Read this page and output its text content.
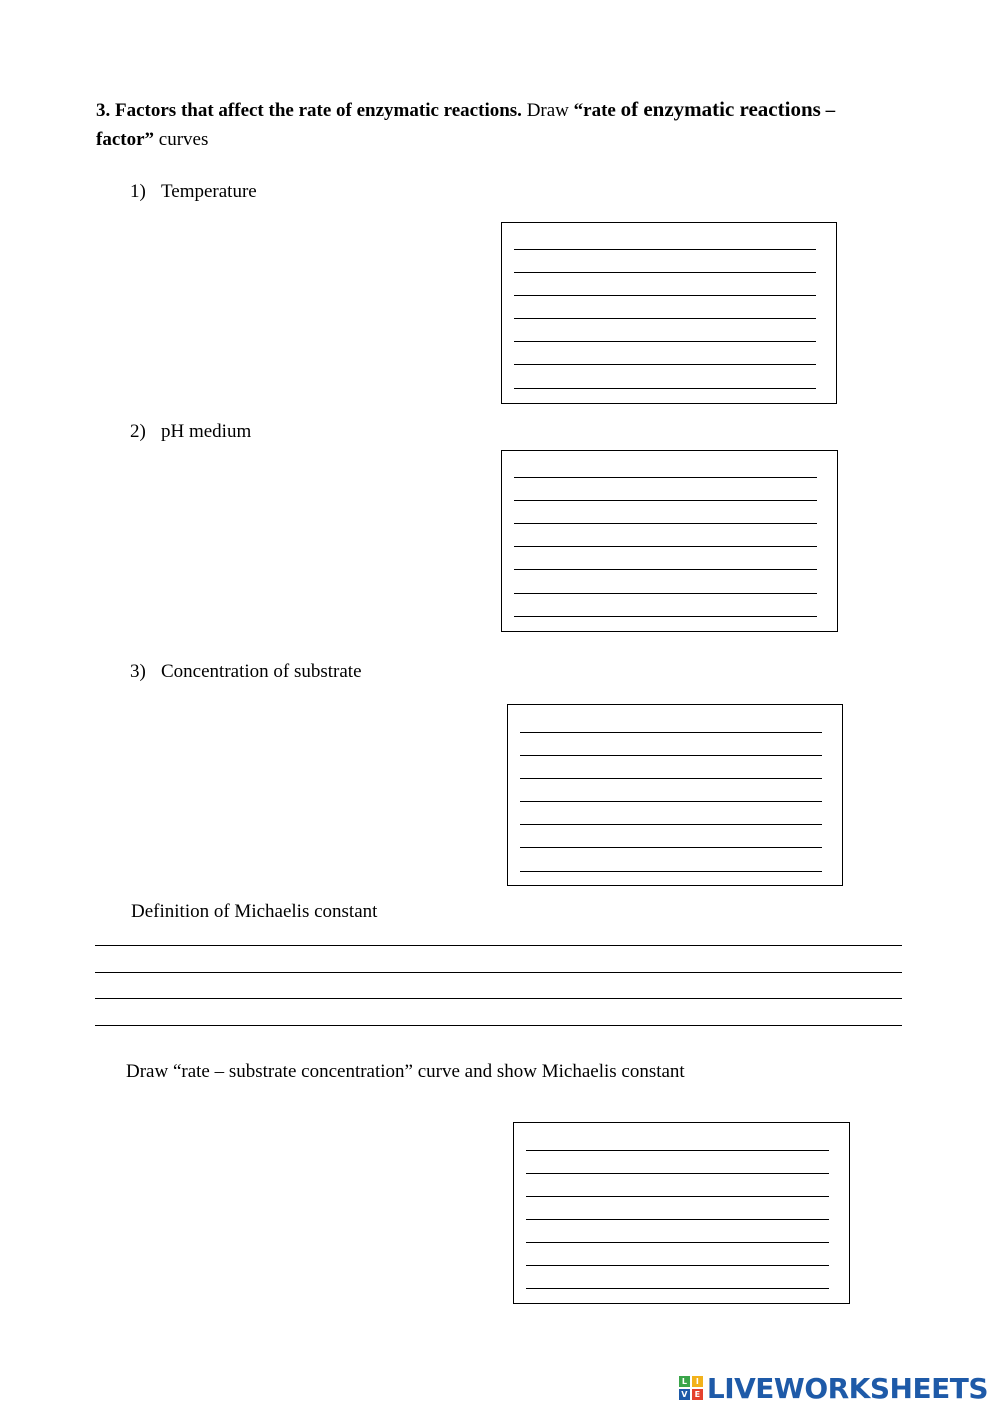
3. Factors that affect the rate of enzymatic reactions. Draw “rate of enzymatic reactions –
factor” curves
1) Temperature
2) pH medium
3) Concentration of substrate
Definition of Michaelis constant
Draw “rate – substrate concentration” curve and show Michaelis constant
L	I
V E LIVEWORKSHEETS
